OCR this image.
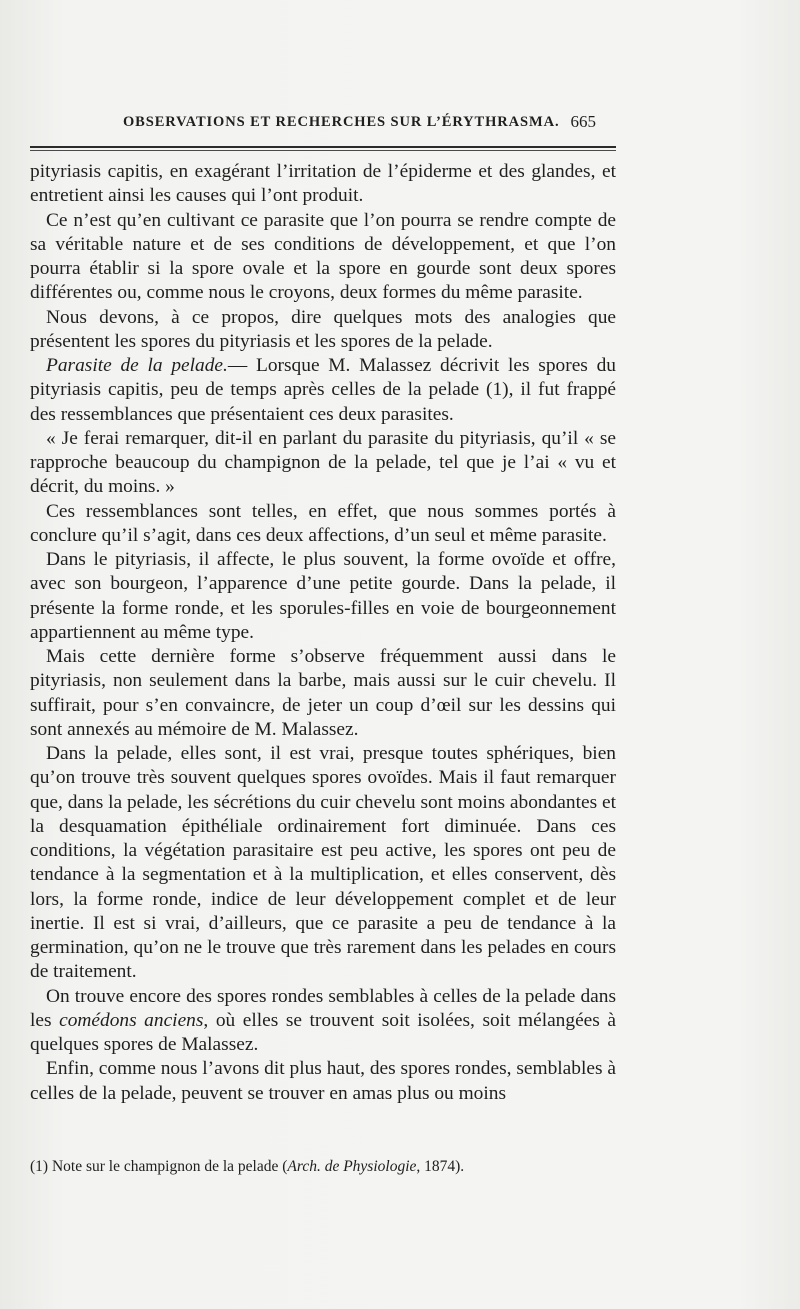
OBSERVATIONS ET RECHERCHES SUR L’ÉRYTHRASMA. 665

pityriasis capitis, en exagérant l’irritation de l’épiderme et des glandes, et entretient ainsi les causes qui l’ont produit.

Ce n’est qu’en cultivant ce parasite que l’on pourra se rendre compte de sa véritable nature et de ses conditions de développement, et que l’on pourra établir si la spore ovale et la spore en gourde sont deux spores différentes ou, comme nous le croyons, deux formes du même parasite.

Nous devons, à ce propos, dire quelques mots des analogies que présentent les spores du pityriasis et les spores de la pelade.

Parasite de la pelade.— Lorsque M. Malassez décrivit les spores du pityriasis capitis, peu de temps après celles de la pelade (1), il fut frappé des ressemblances que présentaient ces deux parasites.

« Je ferai remarquer, dit-il en parlant du parasite du pityriasis, qu’il « se rapproche beaucoup du champignon de la pelade, tel que je l’ai « vu et décrit, du moins. »

Ces ressemblances sont telles, en effet, que nous sommes portés à conclure qu’il s’agit, dans ces deux affections, d’un seul et même parasite.

Dans le pityriasis, il affecte, le plus souvent, la forme ovoïde et offre, avec son bourgeon, l’apparence d’une petite gourde. Dans la pelade, il présente la forme ronde, et les sporules-filles en voie de bourgeonnement appartiennent au même type.

Mais cette dernière forme s’observe fréquemment aussi dans le pityriasis, non seulement dans la barbe, mais aussi sur le cuir chevelu. Il suffirait, pour s’en convaincre, de jeter un coup d’œil sur les dessins qui sont annexés au mémoire de M. Malassez.

Dans la pelade, elles sont, il est vrai, presque toutes sphériques, bien qu’on trouve très souvent quelques spores ovoïdes. Mais il faut remarquer que, dans la pelade, les sécrétions du cuir chevelu sont moins abondantes et la desquamation épithéliale ordinairement fort diminuée. Dans ces conditions, la végétation parasitaire est peu active, les spores ont peu de tendance à la segmentation et à la multiplication, et elles conservent, dès lors, la forme ronde, indice de leur développement complet et de leur inertie. Il est si vrai, d’ailleurs, que ce parasite a peu de tendance à la germination, qu’on ne le trouve que très rarement dans les pelades en cours de traitement.

On trouve encore des spores rondes semblables à celles de la pelade dans les comédons anciens, où elles se trouvent soit isolées, soit mélangées à quelques spores de Malassez.

Enfin, comme nous l’avons dit plus haut, des spores rondes, semblables à celles de la pelade, peuvent se trouver en amas plus ou moins

(1) Note sur le champignon de la pelade (Arch. de Physiologie, 1874).
